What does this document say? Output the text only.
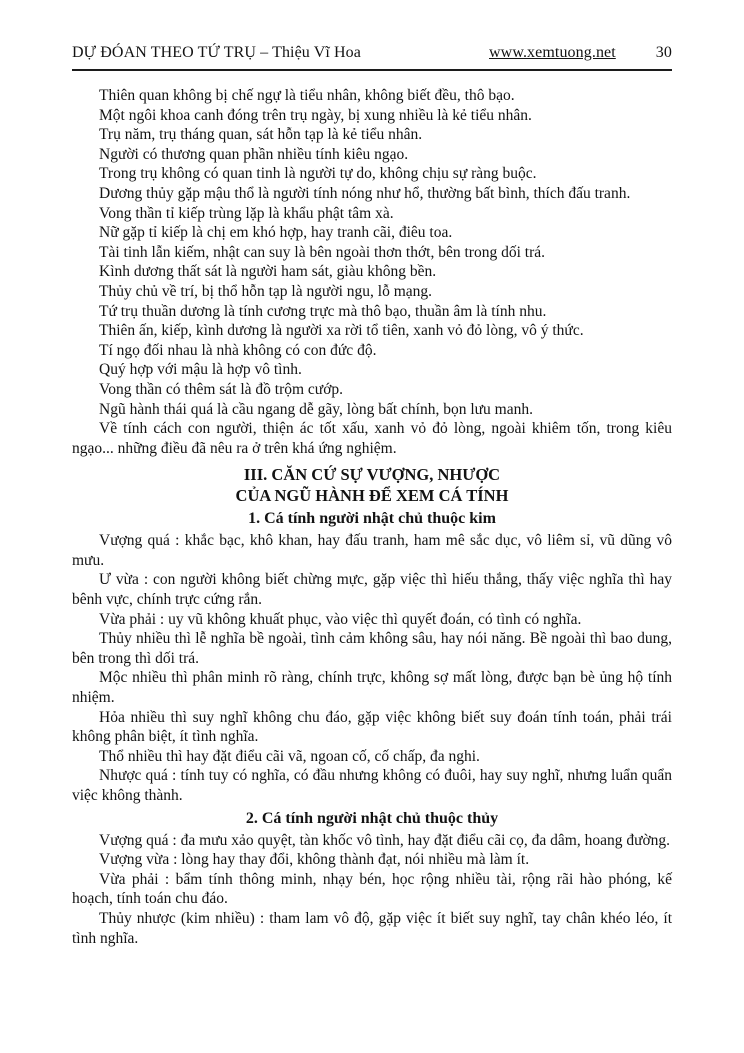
DỰ ĐÓAN THEO TỨ TRỤ – Thiệu Vĩ Hoa	www.xemtuong.net	30

Thiên quan không bị chế ngự là tiểu nhân, không biết đều, thô bạo.

Một ngôi khoa canh đóng trên trụ ngày, bị xung nhiều là kẻ tiểu nhân.

Trụ năm, trụ tháng quan, sát hỗn tạp là kẻ tiểu nhân.

Người có thương quan phần nhiều tính kiêu ngạo.

Trong trụ không có quan tinh là người tự do, không chịu sự ràng buộc.

Dương thủy gặp mậu thổ là người tính nóng như hổ, thường bất bình, thích đấu tranh.

Vong thần tỉ kiếp trùng lặp là khẩu phật tâm xà.

Nữ gặp tỉ kiếp là chị em khó hợp, hay tranh cãi, điêu toa.

Tài tinh lẫn kiếm, nhật can suy là bên ngoài thơn thớt, bên trong dối trá.

Kình dương thất sát là người ham sát, giàu không bền.

Thủy chủ về trí, bị thổ hỗn tạp là người ngu, lỗ mạng.

Tứ trụ thuần dương là tính cương trực mà thô bạo, thuần âm là tính nhu.

Thiên ấn, kiếp, kình dương là người xa rời tổ tiên, xanh vỏ đỏ lòng, vô ý thức.

Tí ngọ đối nhau là nhà không có con đức độ.

Quý hợp với mậu là hợp vô tình.

Vong thần có thêm sát là đồ trộm cướp.

Ngũ hành thái quá là cầu ngang dễ gãy, lòng bất chính, bọn lưu manh.

Về tính cách con người, thiện ác tốt xấu, xanh vỏ đỏ lòng, ngoài khiêm tốn, trong kiêu ngạo... những điều đã nêu ra ở trên khá ứng nghiệm.

III. CĂN CỨ SỰ VƯỢNG, NHƯỢC

CỦA NGŨ HÀNH ĐỂ XEM CÁ TÍNH

1. Cá tính người nhật chủ thuộc kim

Vượng quá : khắc bạc, khô khan, hay đấu tranh, ham mê sắc dục, vô liêm sỉ, vũ dũng vô mưu.

Ư vừa : con người không biết chừng mực, gặp việc thì hiếu thắng, thấy việc nghĩa thì hay bênh vực, chính trực cứng rắn.

Vừa phải : uy vũ không khuất phục, vào việc thì quyết đoán, có tình có nghĩa.

Thủy nhiều thì lễ nghĩa bề ngoài, tình cảm không sâu, hay nói năng. Bề ngoài thì bao dung, bên trong thì dối trá.

Mộc nhiều thì phân minh rõ ràng, chính trực, không sợ mất lòng, được bạn bè ủng hộ tính nhiệm.

Hỏa nhiều thì suy nghĩ không chu đáo, gặp việc không biết suy đoán tính toán, phải trái không phân biệt, ít tình nghĩa.

Thổ nhiều thì hay đặt điểu cãi vã, ngoan cố, cố chấp, đa nghi.

Nhược quá : tính tuy có nghĩa, có đầu nhưng không có đuôi, hay suy nghĩ, nhưng luẩn quẩn việc không thành.

2. Cá tính người nhật chủ thuộc thủy

Vượng quá : đa mưu xảo quyệt, tàn khốc vô tình, hay đặt điểu cãi cọ, đa dâm, hoang đường.

Vượng vừa : lòng hay thay đổi, không thành đạt, nói nhiều mà làm ít.

Vừa phải : bẩm tính thông minh, nhạy bén, học rộng nhiều tài, rộng rãi hào phóng, kế hoạch, tính toán chu đáo.

Thủy nhược (kim nhiều) : tham lam vô độ, gặp việc ít biết suy nghĩ, tay chân khéo léo, ít tình nghĩa.
